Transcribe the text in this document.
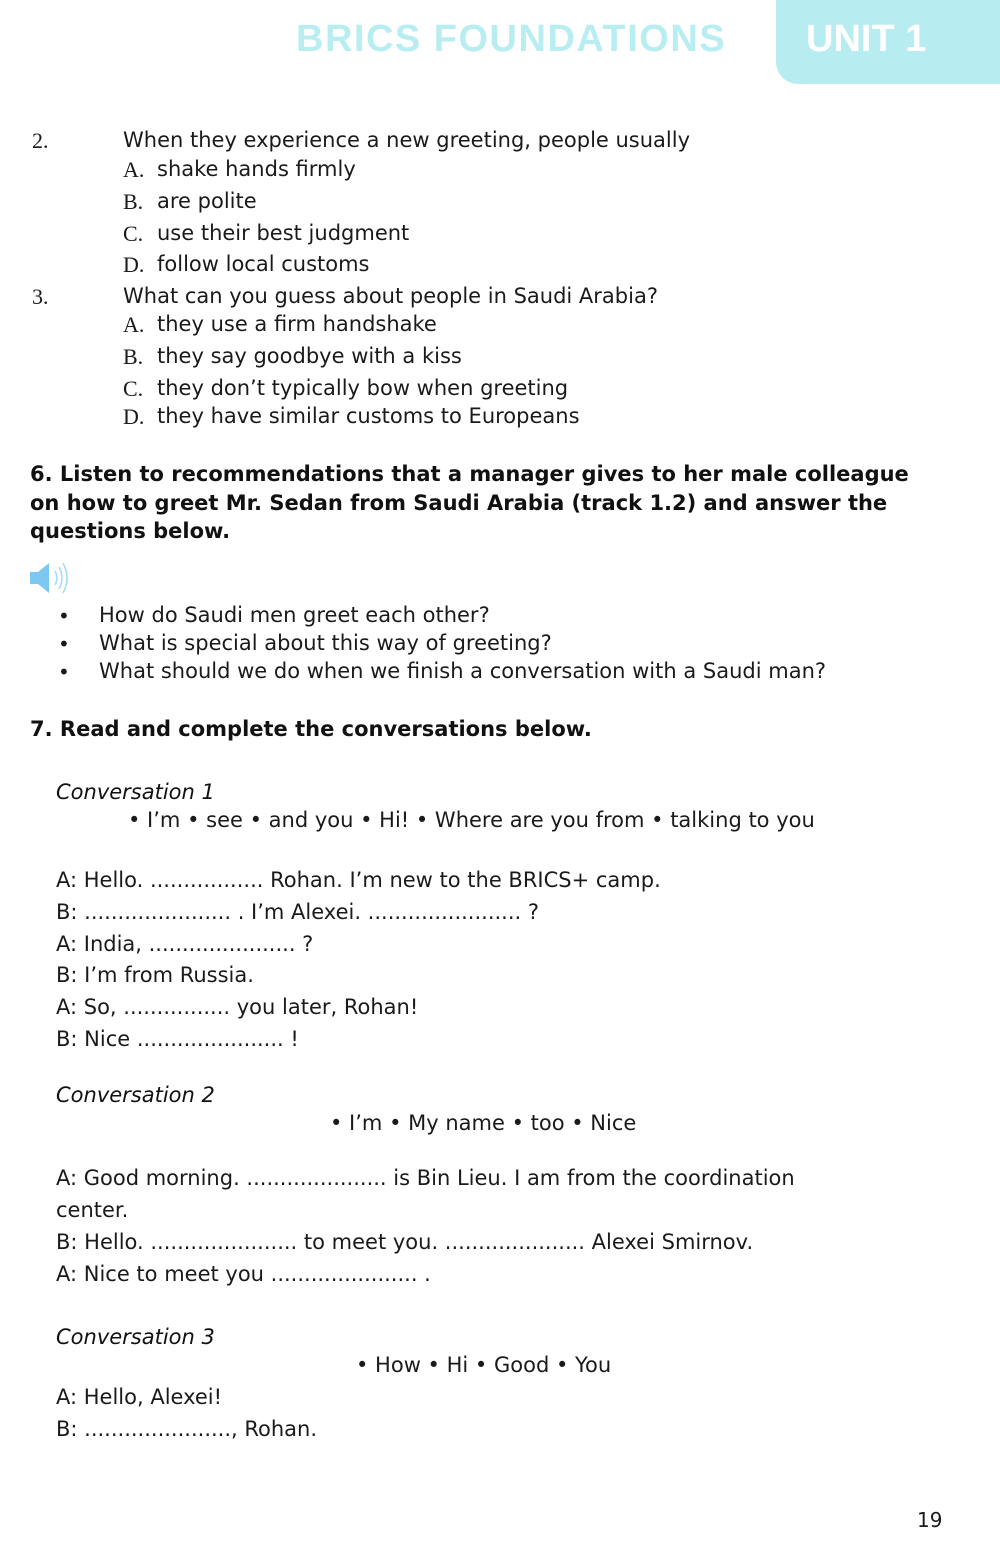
BRICS FOUNDATIONS UNIT 1
2.	When they experience a new greeting, people usually
A. shake hands firmly
B. are polite
C. use their best judgment
D. follow local customs
3.	What can you guess about people in Saudi Arabia?
A. they use a firm handshake
B. they say goodbye with a kiss
C. they don’t typically bow when greeting
D. they have similar customs to Europeans
6. Listen to recommendations that a manager gives to her male colleague
on how to greet Mr. Sedan from Saudi Arabia (track 1.2) and answer the
questions below.
• How do Saudi men greet each other?
• What is special about this way of greeting?
• What should we do when we finish a conversation with a Saudi man?
7. Read and complete the conversations below.
Conversation 1
• I’m • see • and you • Hi! • Where are you from • talking to you
A: Hello. ................. Rohan. I’m new to the BRICS+ camp.
B: ...................... . I’m Alexei. ....................... ?
A: India, ...................... ?
B: I’m from Russia.
A: So, ................ you later, Rohan!
B: Nice ...................... !
Conversation 2
• I’m • My name • too • Nice
A: Good morning. ..................... is Bin Lieu. I am from the coordination
center.
B: Hello. ...................... to meet you. ..................... Alexei Smirnov.
A: Nice to meet you ...................... .
Conversation 3
• How • Hi • Good • You
A: Hello, Alexei!
B: ......................, Rohan.
19
